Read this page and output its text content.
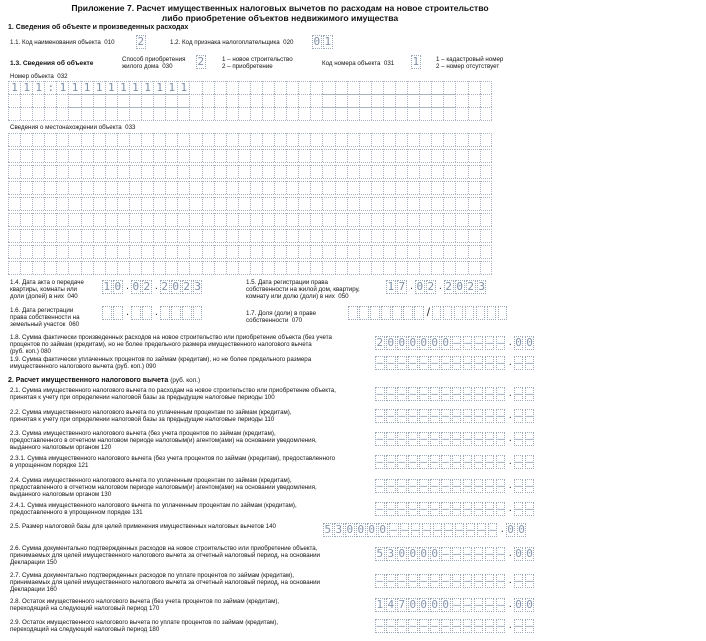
Приложение 7. Расчет имущественных налоговых вычетов по расходам на новое строительство
либо приобретение объектов недвижимого имущества
1. Сведения об объекте и произведенных расходах
1.1. Код наименования объекта 010 2	1.2. Код признака налогоплательщика 020 0 1
1.3. Сведения об объекте
Способ приобретения
жилого дома 030	2	1 – новое строительство
2 – приобретение	Код номера объекта 031 1	1 – кадастровый номер
2 – номер отсутствует
Номер объекта 032
1 1 1 : 1 1 1 1 1 1 1 1 1 1 1
Сведения о местонахождении объекта 033
1.4. Дата акта о передаче
квартиры, комнаты или
доли (долей) в них 040
1 0 . 0 2 . 2 0 2 3	1.5. Дата регистрации права
собственности на жилой дом, квартиру,
комнату или долю (доли) в них 050
1 7 . 0 2 . 2 0 2 3
1.6. Дата регистрации
права собственности на
земельный участок 060
. .	1.7. Доля (доли) в праве
собственности 070
/
2. Расчет имущественного налогового вычета (руб. коп.)
1.8. Сумма фактически произведенных расходов на новое строительство или приобретение объекта (без учета
процентов по займам (кредитам), но не более предельного размера имущественного налогового вычета
(руб. коп.) 080
2 0 0 0 0 0 0 – – – – – . 0 0
1.9. Сумма фактически уплаченных процентов по займам (кредитам), но не более предельного размера
имущественного налогового вычета (руб. коп.) 090	– – – – – – – – – – – – . – –
2.1. Сумма имущественного налогового вычета по расходам на новое строительство или приобретение объекта,
принятая к учету при определении налоговой базы за предыдущие налоговые периоды 100	– – – – – – – – – – – – . – –
2.2. Сумма имущественного налогового вычета по уплаченным процентам по займам (кредитам),
принятая к учету при определении налоговой базы за предыдущие налоговые периоды 110	– – – – – – – – – – – – . – –
2.3. Сумма имущественного налогового вычета (без учета процентов по займам (кредитам),
предоставленного в отчетном налоговом периоде налоговым(и) агентом(ами) на основании уведомления,
выданного налоговым органом 120
– – – – – – – – – – – – . – –
2.3.1. Сумма имущественного налогового вычета (без учета процентов по займам (кредитам), предоставленного
в упрощенном порядке 121	– – – – – – – – – – – – . – –
2.4. Сумма имущественного налогового вычета по уплаченным процентам по займам (кредитам),
предоставленного в отчетном налоговом периоде налоговым(и) агентом(ами) на основании уведомления,
выданного налоговым органом 130
– – – – – – – – – – – – . – –
2.4.1. Сумма имущественного налогового вычета по уплаченным процентам по займам (кредитам),
предоставленного в упрощенном порядке 131	– – – – – – – – – – – – . – –
2.5. Размер налоговой базы для целей применения имущественных налоговых вычетов 140	5 3 0 0 0 0 – – – – – – – – – – . 0 0
2.6. Сумма документально подтвержденных расходов на новое строительство или приобретение объекта,
принимаемых для целей имущественного налогового вычета за отчетный налоговый период, на основании
Декларации 150
5 3 0 0 0 0 – – – – – – . 0 0
2.7. Сумма документально подтвержденных расходов по уплате процентов по займам (кредитам),
принимаемых для целей имущественного налогового вычета за отчетный налоговый период, на основании
Декларации 160
– – – – – – – – – – – – . – –
2.8. Остаток имущественного налогового вычета (без учета процентов по займам (кредитам),
переходящий на следующий налоговый период 170	1 4 7 0 0 0 0 – – – – – . 0 0
2.9. Остаток имущественного налогового вычета по уплате процентов по займам (кредитам),
переходящий на следующий налоговый период 180	– – – – – – – – – – – – . – –
